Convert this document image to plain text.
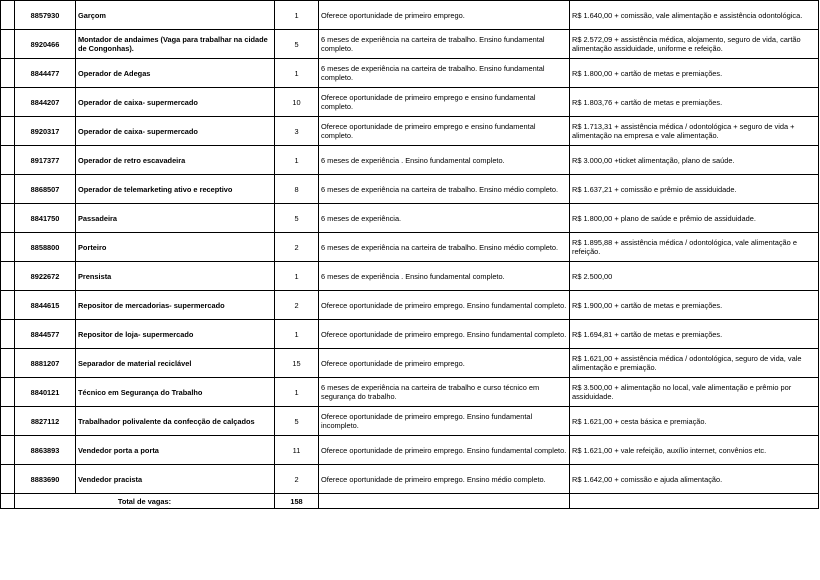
	8857930	Garçom	1	Oferece oportunidade de primeiro emprego.	R$ 1.640,00 + comissão, vale alimentação e assistência odontológica.
	8920466	Montador de andaimes (Vaga para trabalhar na cidade de Congonhas).	5	6 meses de experiência na carteira de trabalho. Ensino fundamental completo.	R$ 2.572,09 + assistência médica, alojamento, seguro de vida, cartão alimentação assiduidade, uniforme e refeição.
	8844477	Operador de Adegas	1	6 meses de experiência na carteira de trabalho. Ensino fundamental completo.	R$ 1.800,00 + cartão de metas e premiações.
	8844207	Operador de caixa- supermercado	10	Oferece oportunidade de primeiro emprego e ensino fundamental completo.	R$ 1.803,76 + cartão de metas e premiações.
	8920317	Operador de caixa- supermercado	3	Oferece oportunidade de primeiro emprego e ensino fundamental completo.	R$ 1.713,31 + assistência médica / odontológica + seguro de vida + alimentação na empresa e vale alimentação.
	8917377	Operador de retro escavadeira	1	6 meses de experiência . Ensino fundamental completo.	R$ 3.000,00 +ticket alimentação, plano de saúde.
	8868507	Operador de telemarketing ativo e receptivo	8	6 meses de experiência na carteira de trabalho. Ensino médio completo.	R$ 1.637,21 + comissão e prêmio de assiduidade.
	8841750	Passadeira	5	6 meses de experiência.	R$ 1.800,00 + plano de saúde e prêmio de assiduidade.
	8858800	Porteiro	2	6 meses de experiência na carteira de trabalho. Ensino médio completo.	R$ 1.895,88 + assistência médica / odontológica, vale alimentação e refeição.
	8922672	Prensista	1	6 meses de experiência . Ensino fundamental completo.	R$ 2.500,00
	8844615	Repositor de mercadorias- supermercado	2	Oferece oportunidade de primeiro emprego. Ensino fundamental completo.	R$ 1.900,00 + cartão de metas e premiações.
	8844577	Repositor de loja- supermercado	1	Oferece oportunidade de primeiro emprego. Ensino fundamental completo.	R$ 1.694,81 + cartão de metas e premiações.
	8881207	Separador de material reciclável	15	Oferece oportunidade de primeiro emprego.	R$ 1.621,00 + assistência médica / odontológica, seguro de vida, vale alimentação e premiação.
	8840121	Técnico em Segurança do Trabalho	1	6 meses de experiência na carteira de trabalho e curso técnico em segurança do trabalho.	R$ 3.500,00 + alimentação no local, vale alimentação e prêmio por assiduidade.
	8827112	Trabalhador polivalente da confecção de calçados	5	Oferece oportunidade de primeiro emprego. Ensino fundamental incompleto.	R$ 1.621,00 + cesta básica e premiação.
	8863893	Vendedor porta a porta	11	Oferece oportunidade de primeiro emprego. Ensino fundamental completo.	R$ 1.621,00 + vale refeição, auxílio internet, convênios etc.
	8883690	Vendedor pracista	2	Oferece oportunidade de primeiro emprego. Ensino médio completo.	R$ 1.642,00 + comissão e ajuda alimentação.
	Total de vagas:		158		
